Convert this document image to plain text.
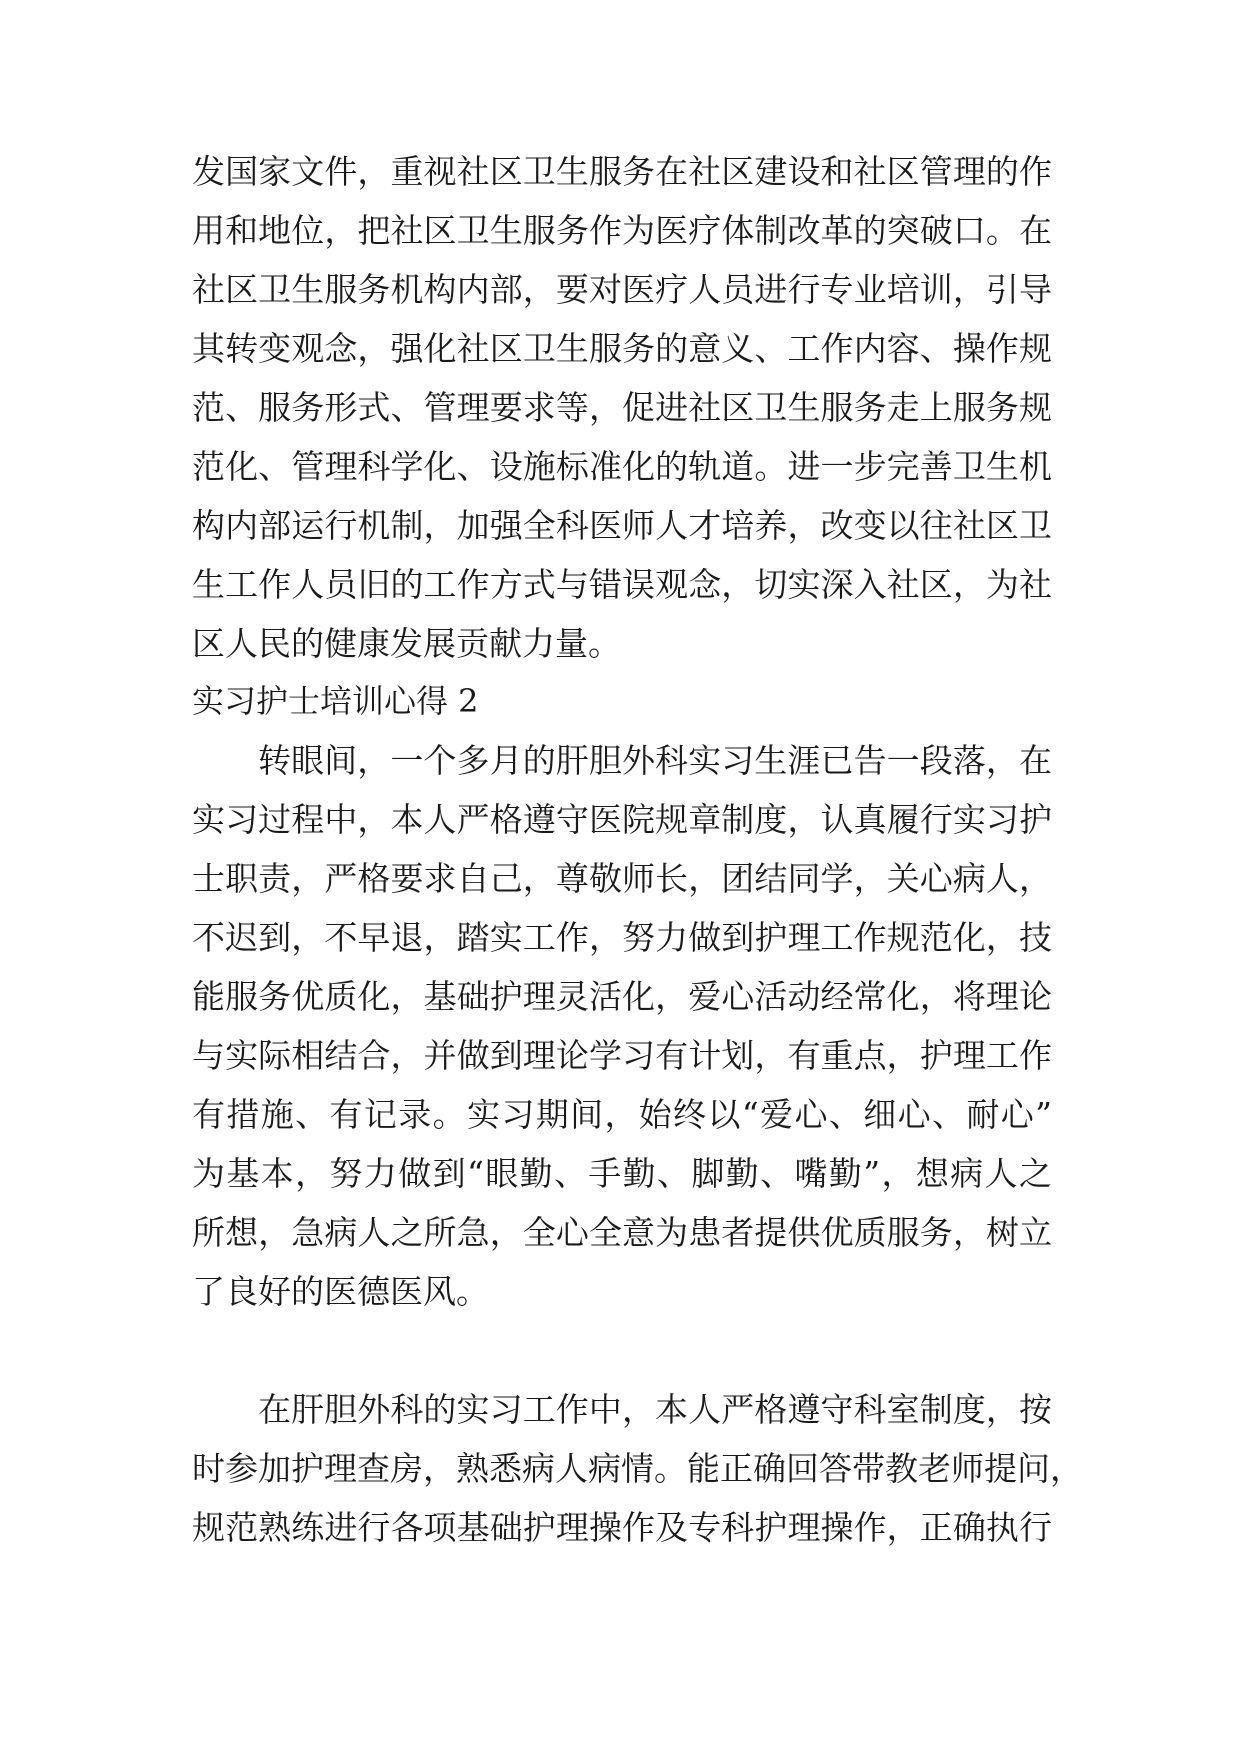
发国家文件，重视社区卫生服务在社区建设和社区管理的作
用和地位，把社区卫生服务作为医疗体制改革的突破口。在
社区卫生服务机构内部，要对医疗人员进行专业培训，引导
其转变观念，强化社区卫生服务的意义、工作内容、操作规
范、服务形式、管理要求等，促进社区卫生服务走上服务规
范化、管理科学化、设施标准化的轨道。进一步完善卫生机
构内部运行机制，加强全科医师人才培养，改变以往社区卫
生工作人员旧的工作方式与错误观念，切实深入社区，为社
区人民的健康发展贡献力量。
实习护士培训心得 2
转眼间，一个多月的肝胆外科实习生涯已告一段落，在
实习过程中，本人严格遵守医院规章制度，认真履行实习护
士职责，严格要求自己，尊敬师长，团结同学，关心病人，
不迟到，不早退，踏实工作，努力做到护理工作规范化，技
能服务优质化，基础护理灵活化，爱心活动经常化，将理论
与实际相结合，并做到理论学习有计划，有重点，护理工作
有措施、有记录。实习期间，始终以“爱心、细心、耐心”
为基本，努力做到“眼勤、手勤、脚勤、嘴勤”，想病人之
所想，急病人之所急，全心全意为患者提供优质服务，树立
了良好的医德医风。
在肝胆外科的实习工作中，本人严格遵守科室制度，按
时参加护理查房，熟悉病人病情。能正确回答带教老师提问，
规范熟练进行各项基础护理操作及专科护理操作，正确执行
